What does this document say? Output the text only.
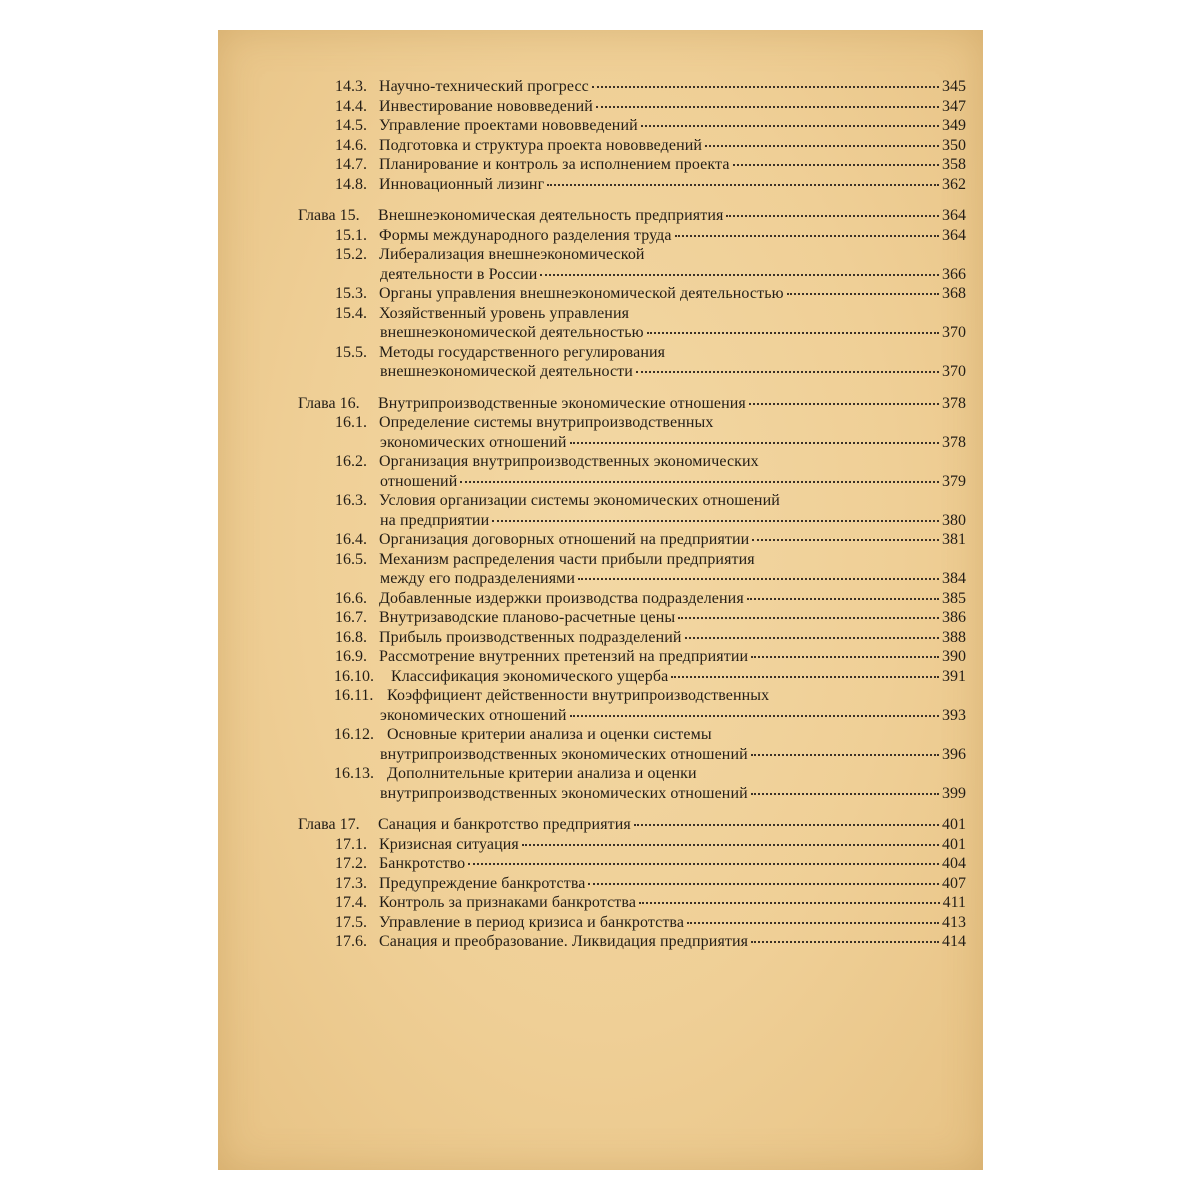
14.3. Научно-технический прогресс	345
14.4. Инвестирование нововведений	347
14.5. Управление проектами нововведений	349
14.6. Подготовка и структура проекта нововведений	350
14.7. Планирование и контроль за исполнением проекта	358
14.8. Инновационный лизинг	362
Глава 15.	Внешнеэкономическая деятельность предприятия	364
15.1. Формы международного разделения труда	364
15.2. Либерализация внешнеэкономической
деятельности в России	366
15.3. Органы управления внешнеэкономической деятельностью	368
15.4. Хозяйственный уровень управления
внешнеэкономической деятельностью	370
15.5. Методы государственного регулирования
внешнеэкономической деятельности	370
Глава 16.	Внутрипроизводственные экономические отношения	378
16.1. Определение системы внутрипроизводственных
экономических отношений	378
16.2. Организация внутрипроизводственных экономических
отношений	379
16.3. Условия организации системы экономических отношений
на предприятии	380
16.4. Организация договорных отношений на предприятии	381
16.5. Механизм распределения части прибыли предприятия
между его подразделениями	384
16.6. Добавленные издержки производства подразделения	385
16.7. Внутризаводские планово-расчетные цены	386
16.8. Прибыль производственных подразделений	388
16.9. Рассмотрение внутренних претензий на предприятии	390
16.10.	Классификация экономического ущерба	391
16.11. Коэффициент действенности внутрипроизводственных
экономических отношений	393
16.12. Основные критерии анализа и оценки системы
внутрипроизводственных экономических отношений	396
16.13. Дополнительные критерии анализа и оценки
внутрипроизводственных экономических отношений	399
Глава 17.	Санация и банкротство предприятия	401
17.1. Кризисная ситуация	401
17.2. Банкротство	404
17.3. Предупреждение банкротства	407
17.4. Контроль за признаками банкротства	411
17.5. Управление в период кризиса и банкротства	413
17.6. Санация и преобразование. Ликвидация предприятия	414
